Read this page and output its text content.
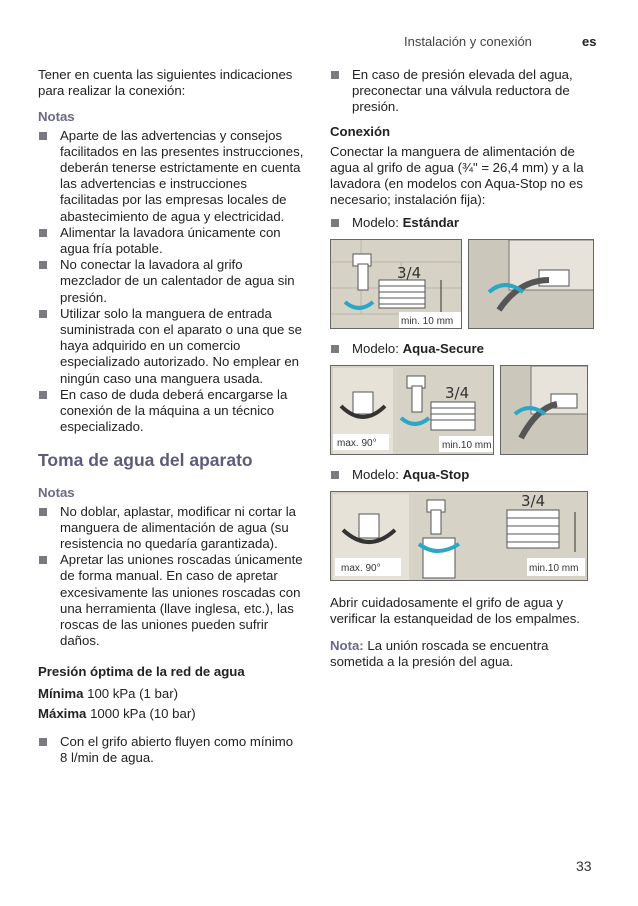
Instalación y conexión	es

Tener en cuenta las siguientes indicaciones para realizar la conexión:

Notas

Aparte de las advertencias y consejos facilitados en las presentes instrucciones, deberán tenerse estrictamente en cuenta las advertencias e instrucciones facilitadas por las empresas locales de abastecimiento de agua y electricidad.
Alimentar la lavadora únicamente con agua fría potable.
No conectar la lavadora al grifo mezclador de un calentador de agua sin presión.
Utilizar solo la manguera de entrada suministrada con el aparato o una que se haya adquirido en un comercio especializado autorizado. No emplear en ningún caso una manguera usada.
En caso de duda deberá encargarse la conexión de la máquina a un técnico especializado.
Toma de agua del aparato

Notas

No doblar, aplastar, modificar ni cortar la manguera de alimentación de agua (su resistencia no quedaría garantizada).
Apretar las uniones roscadas únicamente de forma manual. En caso de apretar excesivamente las uniones roscadas con una herramienta (llave inglesa, etc.), las roscas de las uniones pueden sufrir daños.
Presión óptima de la red de agua

Mínima 100 kPa (1 bar)

Máxima 1000 kPa (10 bar)

Con el grifo abierto fluyen como mínimo 8 l/min de agua.
En caso de presión elevada del agua, preconectar una válvula reductora de presión.
Conexión

Conectar la manguera de alimentación de agua al grifo de agua (¾" = 26,4 mm) y a la lavadora (en modelos con Aqua-Stop no es necesario; instalación fija):

Modelo: Estándar
3/4
min. 10 mm
Modelo: Aqua-Secure
max. 90°
3/4
min.10 mm
Modelo: Aqua-Stop
max. 90°
3/4
min.10 mm

Abrir cuidadosamente el grifo de agua y verificar la estanqueidad de los empalmes.

Nota: La unión roscada se encuentra sometida a la presión del agua.

33
